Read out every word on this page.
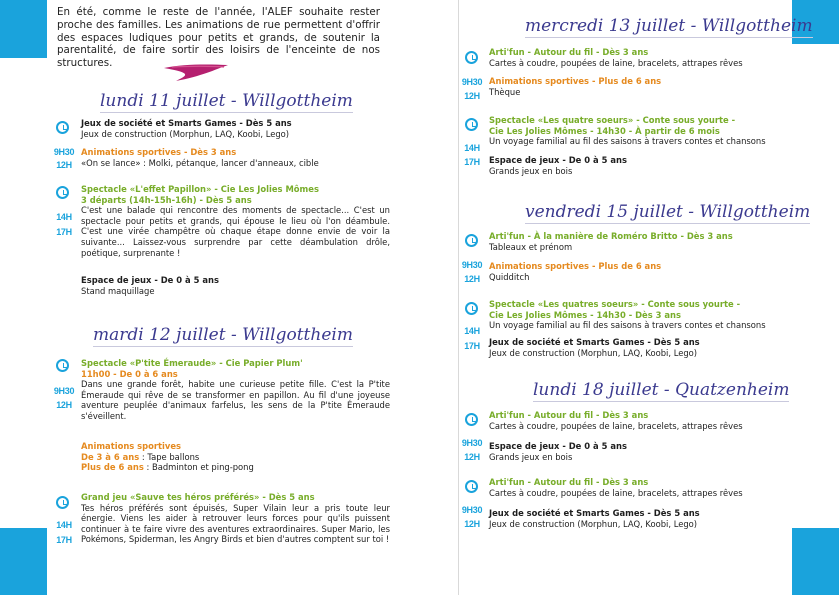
En été, comme le reste de l'année, l'ALEF souhaite rester proche des familles. Les animations de rue permettent d'offrir des espaces ludiques pour petits et grands, de soutenir la parentalité, de faire sortir des loisirs de l'enceinte de nos structures.
lundi 11 juillet - Willgottheim
Jeux de société et Smarts Games - Dès 5 ans
Jeux de construction (Morphun, LAQ, Koobi, Lego)
9H30
12H
Animations sportives - Dès 3 ans
«On se lance» : Molki, pétanque, lancer d'anneaux, cible
Spectacle «L'effet Papillon» - Cie Les Jolies Mômes
3 départs (14h-15h-16h) - Dès 5 ans
C'est une balade qui rencontre des moments de spectacle... C'est un spectacle pour petits et grands, qui épouse le lieu où l'on déambule. C'est une virée champêtre où chaque étape donne envie de voir la suivante... Laissez-vous surprendre par cette déambulation drôle, poétique, surprenante !
14H
17H
Espace de jeux - De 0 à 5 ans
Stand maquillage
mardi 12 juillet - Willgottheim
Spectacle «P'tite Émeraude» - Cie Papier Plum'
11h00 - De 0 à 6 ans
Dans une grande forêt, habite une curieuse petite fille. C'est la P'tite Émeraude qui rêve de se transformer en papillon. Au fil d'une joyeuse aventure peuplée d'animaux farfelus, les sens de la P'tite Émeraude s'éveillent.
9H30
12H
Animations sportives
De 3 à 6 ans : Tape ballons
Plus de 6 ans : Badminton et ping-pong
Grand jeu «Sauve tes héros préférés» - Dès 5 ans
Tes héros préférés sont épuisés, Super Vilain leur a pris toute leur énergie. Viens les aider à retrouver leurs forces pour qu'ils puissent continuer à te faire vivre des aventures extraordinaires. Super Mario, les Pokémons, Spiderman, les Angry Birds et bien d'autres comptent sur toi !
14H
17H
mercredi 13 juillet - Willgottheim
Arti'fun - Autour du fil - Dès 3 ans
Cartes à coudre, poupées de laine, bracelets, attrapes rêves
9H30
12H
Animations sportives - Plus de 6 ans
Thèque
Spectacle «Les quatre soeurs» - Conte sous yourte -
Cie Les Jolies Mômes - 14h30 - À partir de 6 mois
Un voyage familial au fil des saisons à travers contes et chansons
14H
17H	Espace de jeux - De 0 à 5 ans
Grands jeux en bois
vendredi 15 juillet - Willgottheim
Arti'fun - À la manière de Roméro Britto - Dès 3 ans
Tableaux et prénom
9H30
12H
Animations sportives - Plus de 6 ans
Quidditch
Spectacle «Les quatres soeurs» - Conte sous yourte -
Cie Les Jolies Mômes - 14h30 - Dès 3 ans
Un voyage familial au fil des saisons à travers contes et chansons
14H
17H	Jeux de société et Smarts Games - Dès 5 ans
Jeux de construction (Morphun, LAQ, Koobi, Lego)
lundi 18 juillet - Quatzenheim
Arti'fun - Autour du fil - Dès 3 ans
Cartes à coudre, poupées de laine, bracelets, attrapes rêves
9H30
12H
Espace de jeux - De 0 à 5 ans
Grands jeux en bois
Arti'fun - Autour du fil - Dès 3 ans
Cartes à coudre, poupées de laine, bracelets, attrapes rêves
9H30
12H
Jeux de société et Smarts Games - Dès 5 ans
Jeux de construction (Morphun, LAQ, Koobi, Lego)
